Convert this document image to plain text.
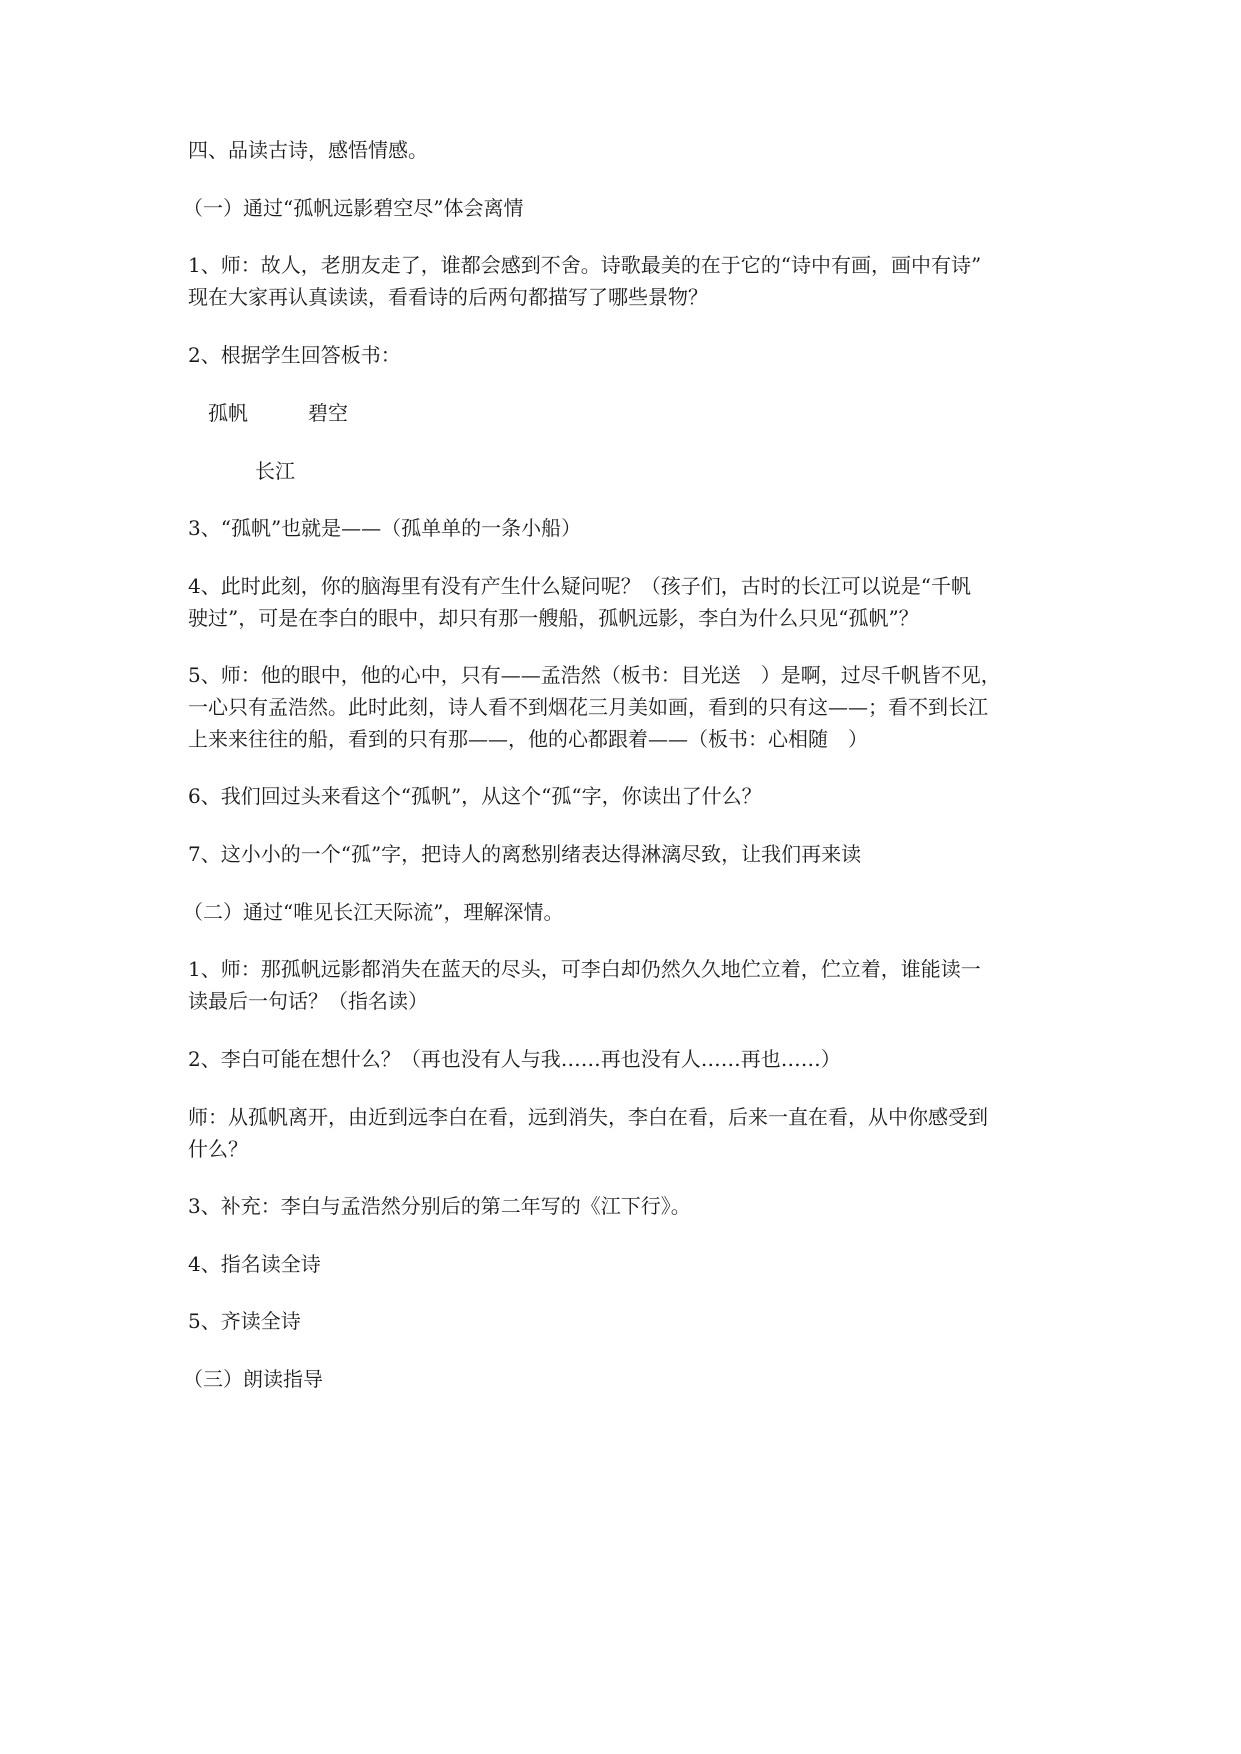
四、品读古诗，感悟情感。

（一）通过“孤帆远影碧空尽”体会离情

1、师：故人，老朋友走了，谁都会感到不舍。诗歌最美的在于它的“诗中有画，画中有诗”
现在大家再认真读读，看看诗的后两句都描写了哪些景物？

2、根据学生回答板书：

孤帆	碧空
长江

3、“孤帆”也就是——（孤单单的一条小船）

4、此时此刻，你的脑海里有没有产生什么疑问呢？（孩子们，古时的长江可以说是“千帆
驶过”，可是在李白的眼中，却只有那一艘船，孤帆远影，李白为什么只见“孤帆”？

5、师：他的眼中，他的心中，只有——孟浩然（板书：目光送　）是啊，过尽千帆皆不见，
一心只有孟浩然。此时此刻，诗人看不到烟花三月美如画，看到的只有这——；看不到长江
上来来往往的船，看到的只有那——，他的心都跟着——（板书：心相随　）

6、我们回过头来看这个“孤帆”，从这个“孤“字，你读出了什么？

7、这小小的一个“孤”字，把诗人的离愁别绪表达得淋漓尽致，让我们再来读

（二）通过“唯见长江天际流”，理解深情。

1、师：那孤帆远影都消失在蓝天的尽头，可李白却仍然久久地伫立着，伫立着，谁能读一
读最后一句话？（指名读）

2、李白可能在想什么？（再也没有人与我……再也没有人……再也……）

师：从孤帆离开，由近到远李白在看，远到消失，李白在看，后来一直在看，从中你感受到
什么？

3、补充：李白与孟浩然分别后的第二年写的《江下行》。

4、指名读全诗

5、齐读全诗

（三）朗读指导
